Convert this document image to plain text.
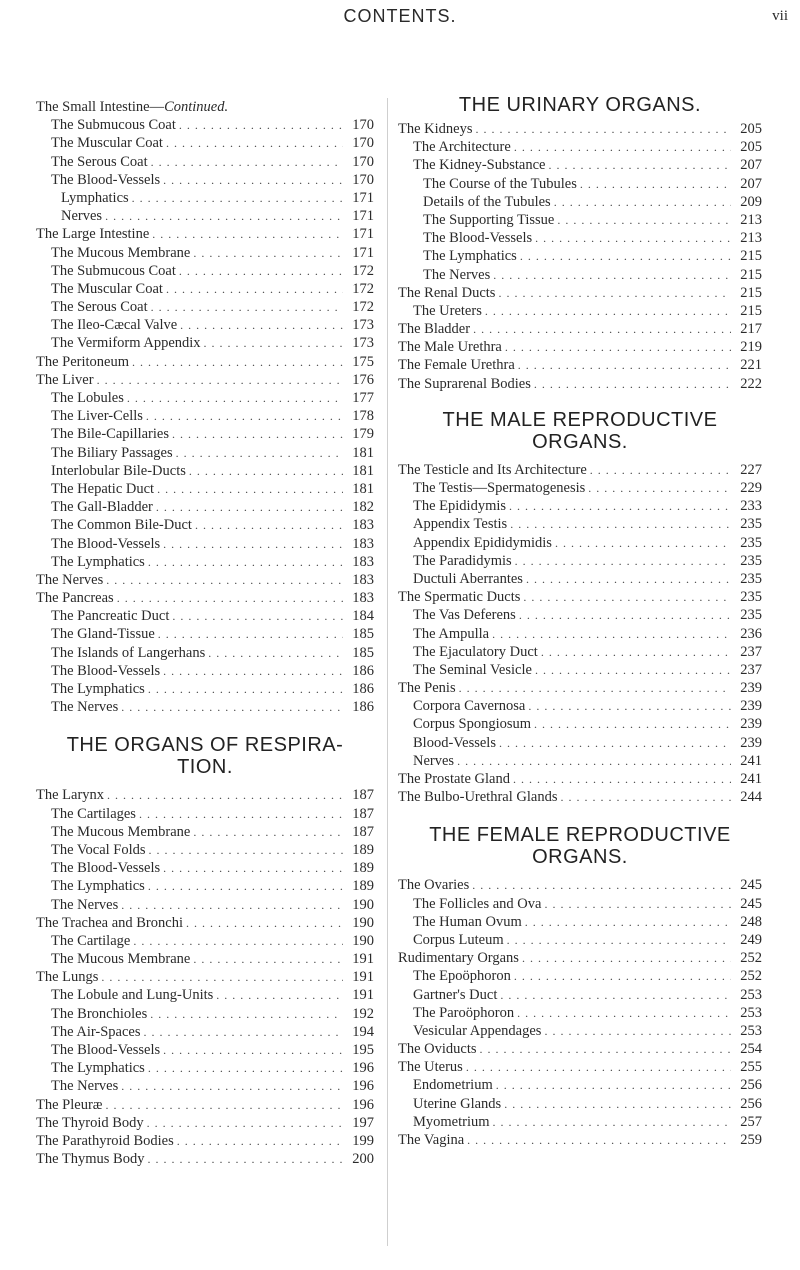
CONTENTS.	vii
The Small Intestine—Continued.
The Submucous Coat . . .	170
The Muscular Coat . . .	170
The Serous Coat . . .	170
The Blood-Vessels . . .	170
Lymphatics . . .	171
Nerves . . .	171
The Large Intestine . . .	171
The Mucous Membrane . . .	171
The Submucous Coat . . .	172
The Muscular Coat . . .	172
The Serous Coat . . .	172
The Ileo-Cæcal Valve . . .	173
The Vermiform Appendix . . .	173
The Peritoneum . . .	175
The Liver . . .	176
The Lobules . . .	177
The Liver-Cells . . .	178
The Bile-Capillaries . . .	179
The Biliary Passages . . .	181
Interlobular Bile-Ducts . . .	181
The Hepatic Duct . . .	181
The Gall-Bladder . . .	182
The Common Bile-Duct . . .	183
The Blood-Vessels . . .	183
The Lymphatics . . .	183
The Nerves . . .	183
The Pancreas . . .	183
The Pancreatic Duct . . .	184
The Gland-Tissue . . .	185
The Islands of Langerhans . . .	185
The Blood-Vessels . . .	186
The Lymphatics . . .	186
The Nerves . . .	186
THE ORGANS OF RESPIRA-
TION.
The Larynx . . .	187
The Cartilages . . .	187
The Mucous Membrane . . .	187
The Vocal Folds . . .	189
The Blood-Vessels . . .	189
The Lymphatics . . .	189
The Nerves . . .	190
The Trachea and Bronchi . . .	190
The Cartilage . . .	190
The Mucous Membrane . . .	191
The Lungs . . .	191
The Lobule and Lung-Units . . .	191
The Bronchioles . . .	192
The Air-Spaces . . .	194
The Blood-Vessels . . .	195
The Lymphatics . . .	196
The Nerves . . .	196
The Pleuræ . . .	196
The Thyroid Body . . .	197
The Parathyroid Bodies . . .	199
The Thymus Body . . .	200
THE URINARY ORGANS.
The Kidneys . . .	205
The Architecture . . .	205
The Kidney-Substance . . .	207
The Course of the Tubules . . .	207
Details of the Tubules . . .	209
The Supporting Tissue . . .	213
The Blood-Vessels . . .	213
The Lymphatics . . .	215
The Nerves . . .	215
The Renal Ducts . . .	215
The Ureters . . .	215
The Bladder . . .	217
The Male Urethra . . .	219
The Female Urethra . . .	221
The Suprarenal Bodies . . .	222
THE MALE REPRODUCTIVE
ORGANS.
The Testicle and Its Architecture . . .	227
The Testis—Spermatogenesis . . .	229
The Epididymis . . .	233
Appendix Testis . . .	235
Appendix Epididymidis . . .	235
The Paradidymis . . .	235
Ductuli Aberrantes . . .	235
The Spermatic Ducts . . .	235
The Vas Deferens . . .	235
The Ampulla . . .	236
The Ejaculatory Duct . . .	237
The Seminal Vesicle . . .	237
The Penis . . .	239
Corpora Cavernosa . . .	239
Corpus Spongiosum . . .	239
Blood-Vessels . . .	239
Nerves . . .	241
The Prostate Gland . . .	241
The Bulbo-Urethral Glands . . .	244
THE FEMALE REPRODUCTIVE
ORGANS.
The Ovaries . . .	245
The Follicles and Ova . . .	245
The Human Ovum . . .	248
Corpus Luteum . . .	249
Rudimentary Organs . . .	252
The Epoöphoron . . .	252
Gartner's Duct . . .	253
The Paroöphoron . . .	253
Vesicular Appendages . . .	253
The Oviducts . . .	254
The Uterus . . .	255
Endometrium . . .	256
Uterine Glands . . .	256
Myometrium . . .	257
The Vagina . . .	259
